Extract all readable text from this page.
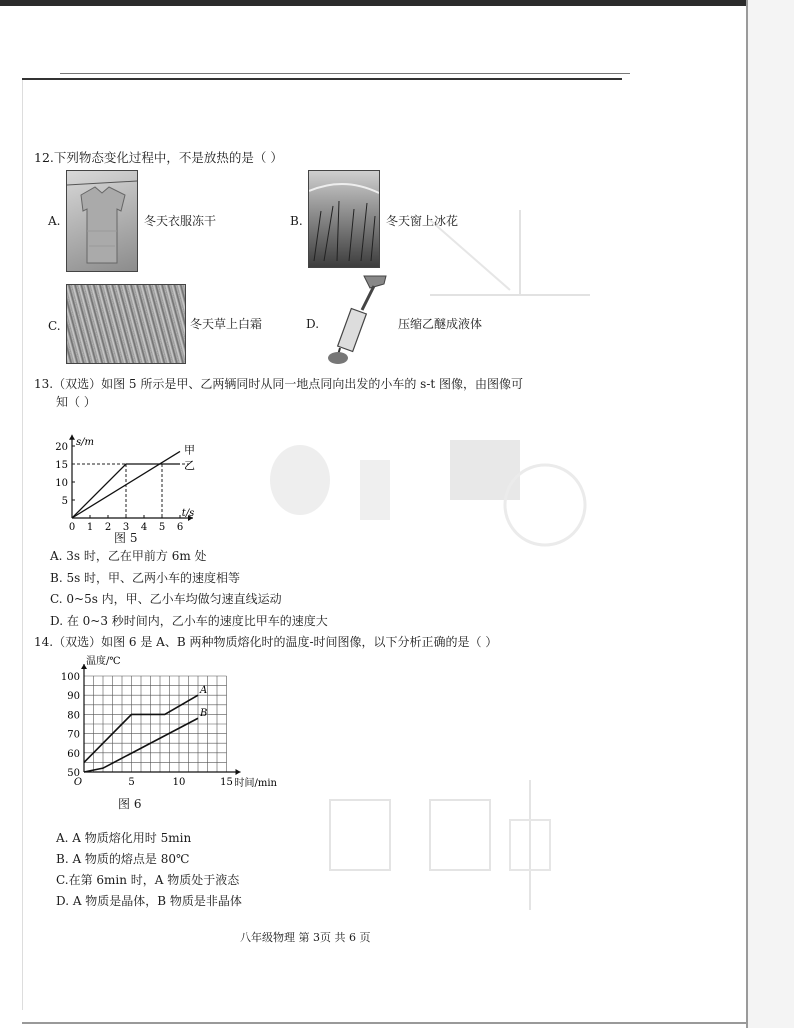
12.下列物态变化过程中，不是放热的是（ ）
A.	冬天衣服冻干	B.	冬天窗上冰花
C.	冬天草上白霜	D.	压缩乙醚成液体
13.（双选）如图 5 所示是甲、乙两辆同时从同一地点同向出发的小车的 s-t 图像，由图像可
知（ ）
0 1 2 3 4 5 6
5
10
15
20 s/m
t/s
甲
乙
图 5
A. 3s 时，乙在甲前方 6m 处
B. 5s 时，甲、乙两小车的速度相等
C. 0~5s 内，甲、乙小车均做匀速直线运动
D. 在 0~3 秒时间内，乙小车的速度比甲车的速度大
14.（双选）如图 6 是 A、B 两种物质熔化时的温度-时间图像，以下分析正确的是（ ）
50
60
70
80
90
100
O	5	10	15
温度/℃
时间/min
A
B
图 6
A. A 物质熔化用时 5min
B. A 物质的熔点是 80℃
C.在第 6min 时，A 物质处于液态
D. A 物质是晶体，B 物质是非晶体
八年级物理 第 3页 共 6 页
